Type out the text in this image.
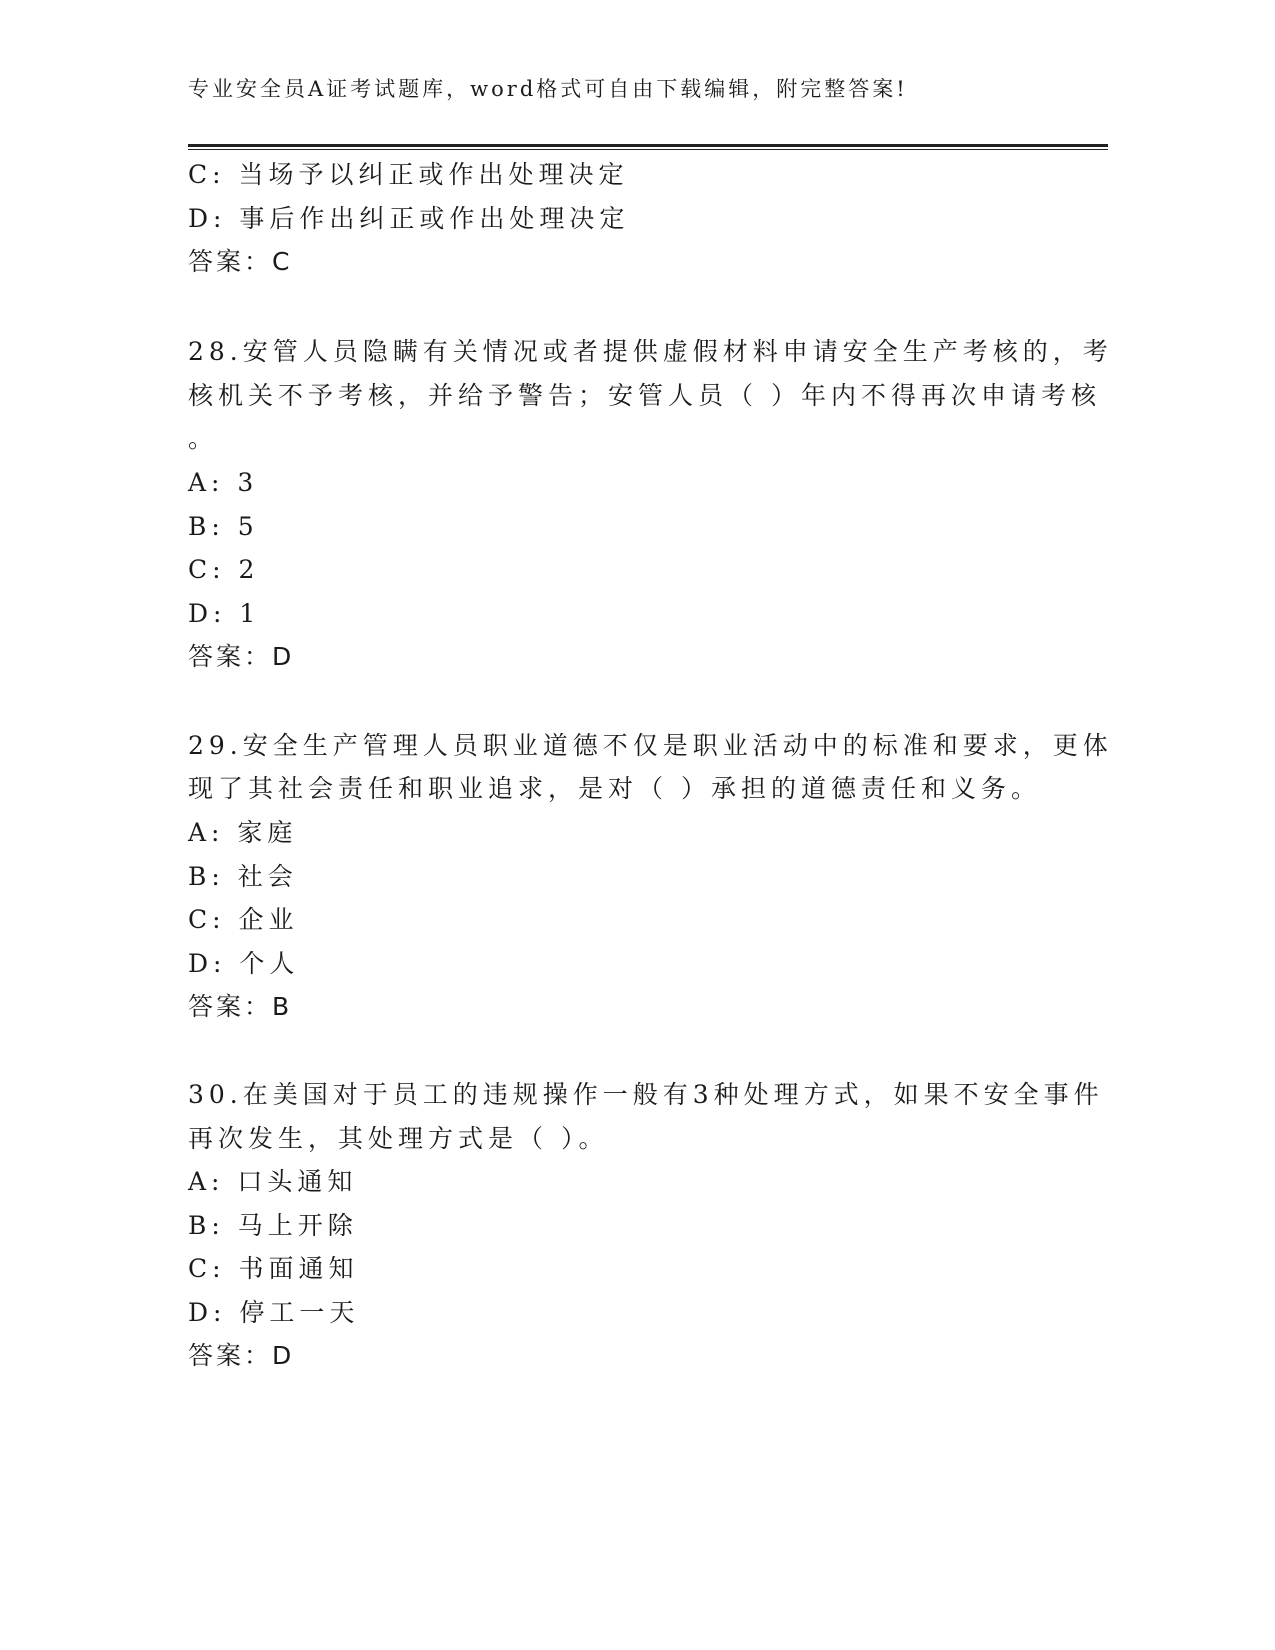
专业安全员A证考试题库，word格式可自由下载编辑，附完整答案!
C: 当场予以纠正或作出处理决定
D: 事后作出纠正或作出处理决定
答案：C
28.安管人员隐瞒有关情况或者提供虚假材料申请安全生产考核的，考
核机关不予考核，并给予警告；安管人员（ ）年内不得再次申请考核
。
A: 3
B: 5
C: 2
D: 1
答案：D
29.安全生产管理人员职业道德不仅是职业活动中的标准和要求，更体
现了其社会责任和职业追求，是对（ ）承担的道德责任和义务。
A: 家庭
B: 社会
C: 企业
D: 个人
答案：B
30.在美国对于员工的违规操作一般有3种处理方式，如果不安全事件
再次发生，其处理方式是（ ）。
A: 口头通知
B: 马上开除
C: 书面通知
D: 停工一天
答案：D
